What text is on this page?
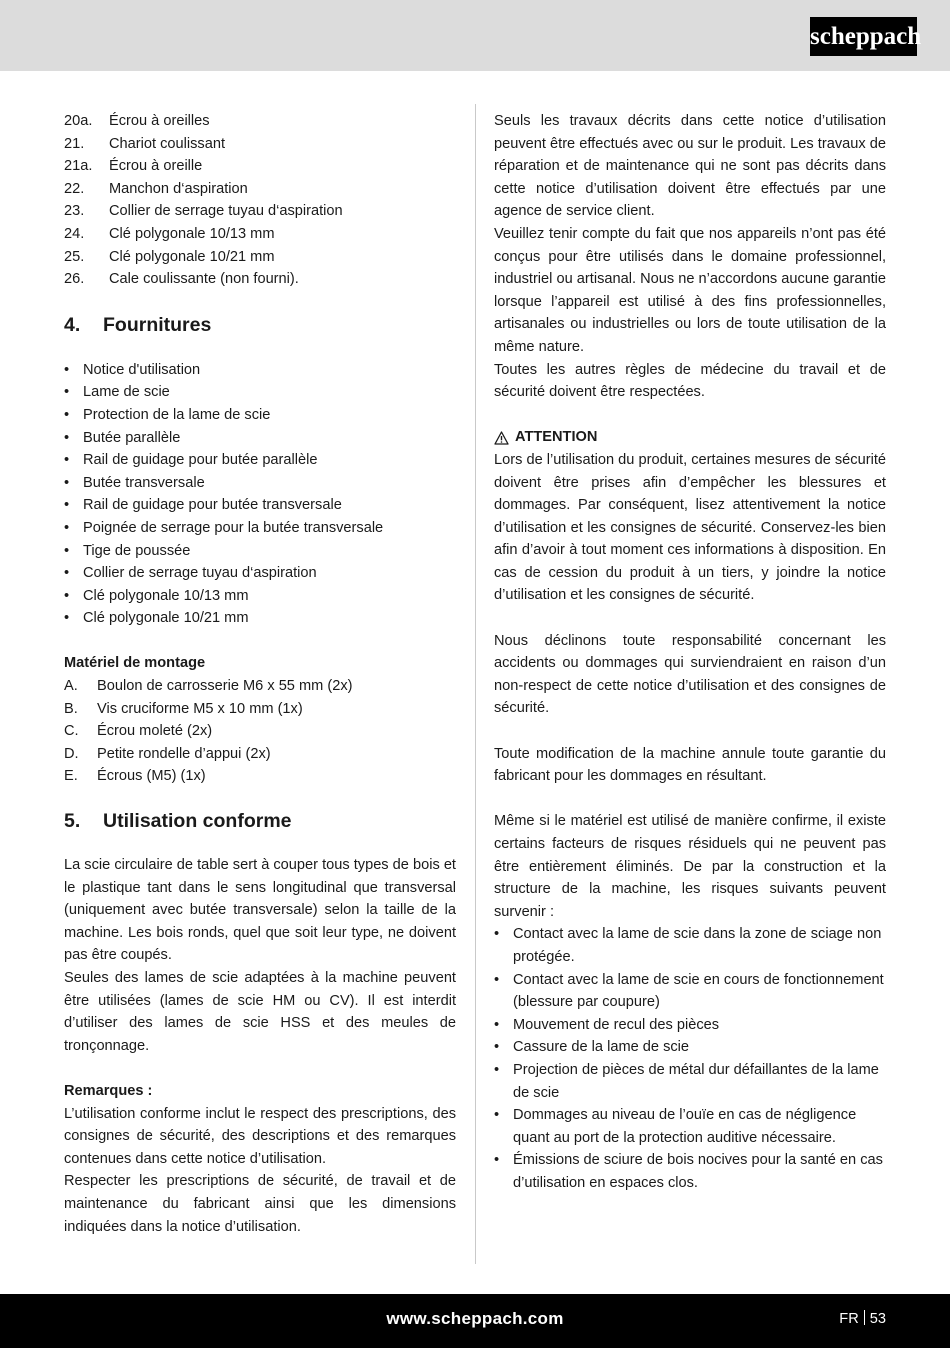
scheppach
20a.	Écrou à oreilles
21.	Chariot coulissant
21a.	Écrou à oreille
22.	Manchon d‘aspiration
23.	Collier de serrage tuyau d‘aspiration
24.	Clé polygonale 10/13 mm
25.	Clé polygonale 10/21 mm
26.	Cale coulissante (non fourni).
4.	Fournitures
• Notice d'utilisation
• Lame de scie
• Protection de la lame de scie
• Butée parallèle
• Rail de guidage pour butée parallèle
• Butée transversale
• Rail de guidage pour butée transversale
• Poignée de serrage pour la butée transversale
• Tige de poussée
• Collier de serrage tuyau d‘aspiration
• Clé polygonale 10/13 mm
• Clé polygonale 10/21 mm

Matériel de montage

A.	Boulon de carrosserie M6 x 55 mm (2x)
B.	Vis cruciforme M5 x 10 mm (1x)
C.	Écrou moleté (2x)
D.	Petite rondelle d’appui (2x)
E.	Écrous (M5) (1x)
5.	Utilisation conforme

La scie circulaire de table sert à couper tous types de bois et le plastique tant dans le sens longitudinal que transversal (uniquement avec butée transversale) selon la taille de la machine. Les bois ronds, quel que soit leur type, ne doivent pas être coupés.

Seules des lames de scie adaptées à la machine peuvent être utilisées (lames de scie HM ou CV). Il est interdit d’utiliser des lames de scie HSS et des meules de tronçonnage.

Remarques :

L’utilisation conforme inclut le respect des prescriptions, des consignes de sécurité, des descriptions et des remarques contenues dans cette notice d’utilisation.

Respecter les prescriptions de sécurité, de travail et de maintenance du fabricant ainsi que les dimensions indiquées dans la notice d’utilisation.

Seuls les travaux décrits dans cette notice d’utilisation peuvent être effectués avec ou sur le produit. Les travaux de réparation et de maintenance qui ne sont pas décrits dans cette notice d’utilisation doivent être effectués par une agence de service client.

Veuillez tenir compte du fait que nos appareils n’ont pas été conçus pour être utilisés dans le domaine professionnel, industriel ou artisanal. Nous ne n’accordons aucune garantie lorsque l’appareil est utilisé à des fins professionnelles, artisanales ou industrielles ou lors de toute utilisation de la même nature.

Toutes les autres règles de médecine du travail et de sécurité doivent être respectées.

ATTENTION

Lors de l’utilisation du produit, certaines mesures de sécurité doivent être prises afin d’empêcher les blessures et dommages. Par conséquent, lisez attentivement la notice d’utilisation et les consignes de sécurité. Conservez-les bien afin d’avoir à tout moment ces informations à disposition. En cas de cession du produit à un tiers, y joindre la notice d’utilisation et les consignes de sécurité.

Nous déclinons toute responsabilité concernant les accidents ou dommages qui surviendraient en raison d’un non-respect de cette notice d’utilisation et des consignes de sécurité.

Toute modification de la machine annule toute garantie du fabricant pour les dommages en résultant.

Même si le matériel est utilisé de manière confirme, il existe certains facteurs de risques résiduels qui ne peuvent pas être entièrement éliminés. De par la construction et la structure de la machine, les risques suivants peuvent survenir :

• Contact avec la lame de scie dans la zone de sciage non protégée.
• Contact avec la lame de scie en cours de fonctionnement (blessure par coupure)
• Mouvement de recul des pièces
• Cassure de la lame de scie
• Projection de pièces de métal dur défaillantes de la lame de scie
• Dommages au niveau de l’ouïe en cas de négligence quant au port de la protection auditive nécessaire.
• Émissions de sciure de bois nocives pour la santé en cas d’utilisation en espaces clos.
www.scheppach.com	FR 53
